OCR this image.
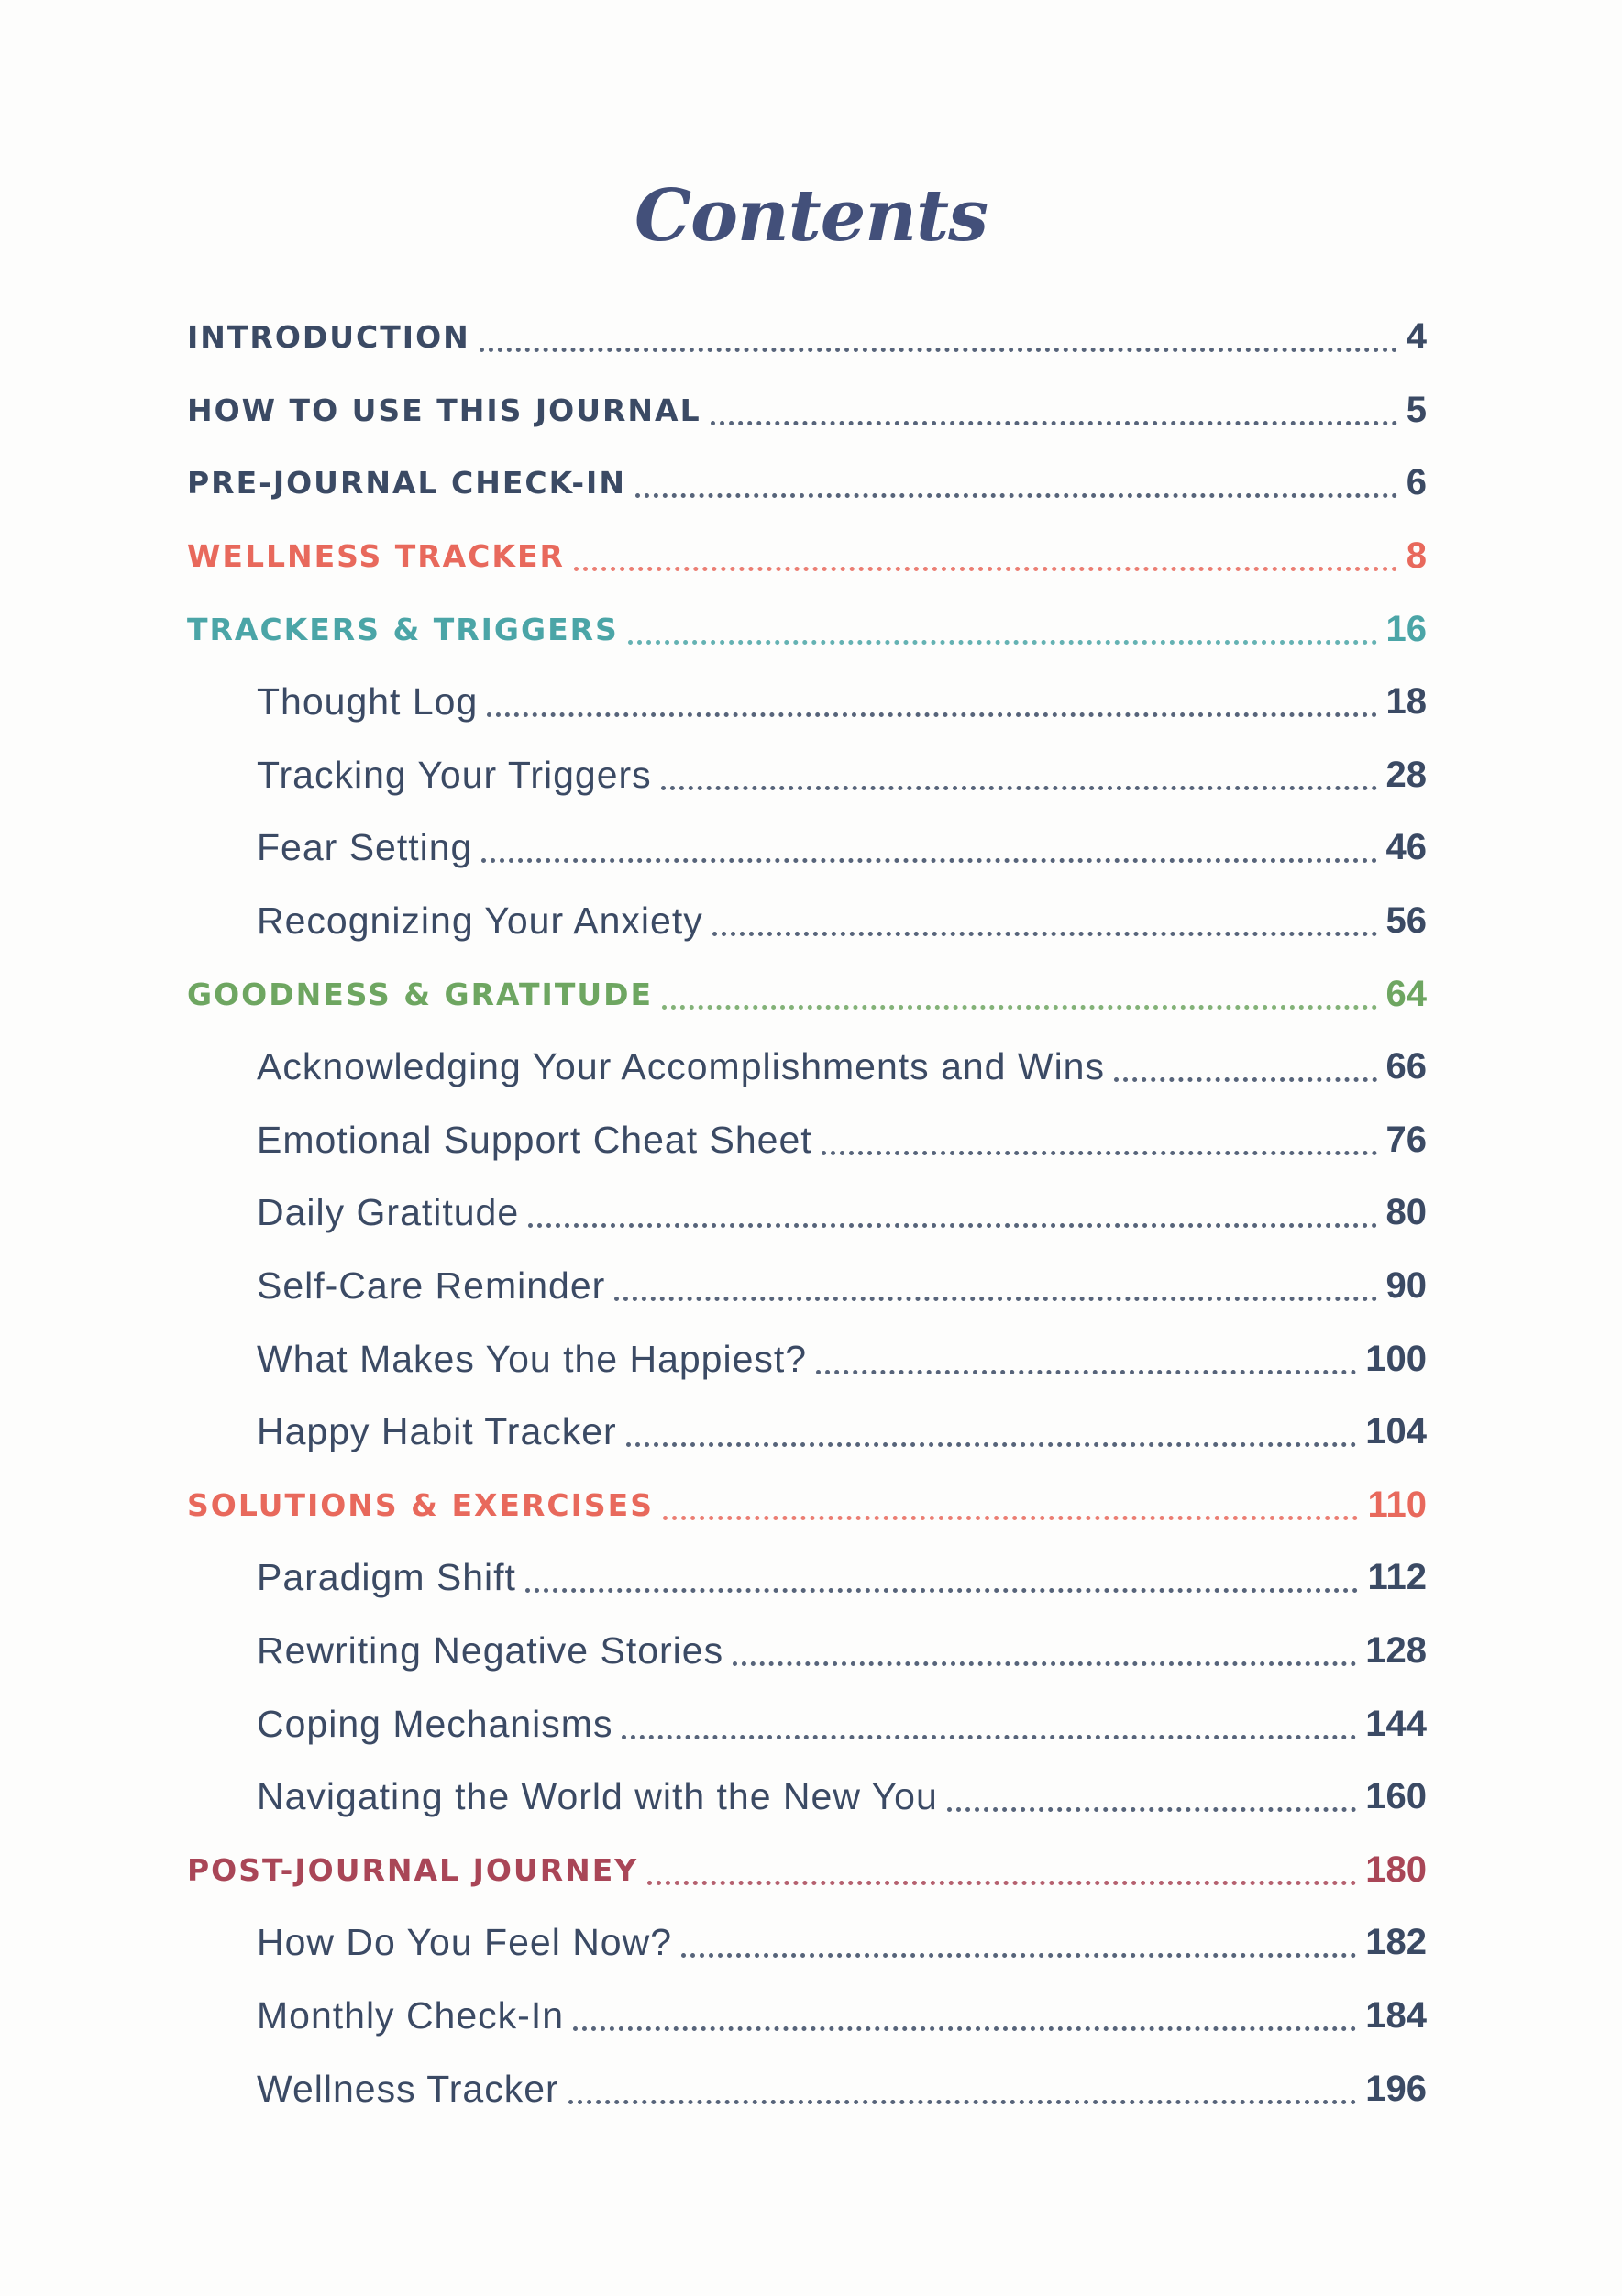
Contents
INTRODUCTION	4
HOW TO USE THIS JOURNAL	5
PRE-JOURNAL CHECK-IN	6
WELLNESS TRACKER	8
TRACKERS & TRIGGERS	16
Thought Log	18
Tracking Your Triggers	28
Fear Setting	46
Recognizing Your Anxiety	56
GOODNESS & GRATITUDE	64
Acknowledging Your Accomplishments and Wins	66
Emotional Support Cheat Sheet	76
Daily Gratitude	80
Self-Care Reminder	90
What Makes You the Happiest?	100
Happy Habit Tracker	104
SOLUTIONS & EXERCISES	110
Paradigm Shift	112
Rewriting Negative Stories	128
Coping Mechanisms	144
Navigating the World with the New You	160
POST-JOURNAL JOURNEY	180
How Do You Feel Now?	182
Monthly Check-In	184
Wellness Tracker	196
